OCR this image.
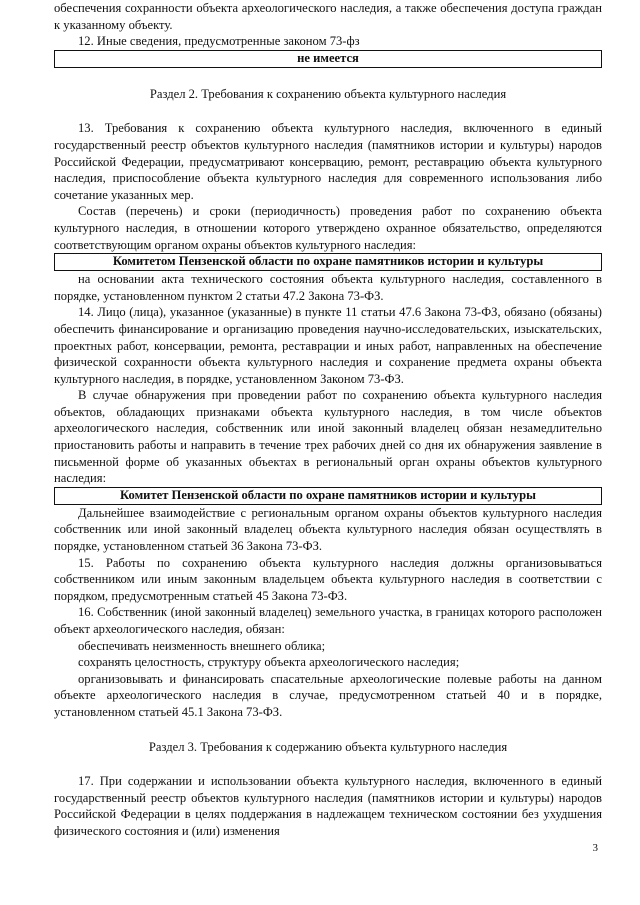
обеспечения сохранности объекта археологического наследия, а также обеспечения доступа граждан к указанному объекту.

12. Иные сведения, предусмотренные законом 73-фз

не имеется

Раздел 2. Требования к сохранению объекта культурного наследия

13. Требования к сохранению объекта культурного наследия, включенного в единый государственный реестр объектов культурного наследия (памятников истории и культуры) народов Российской Федерации, предусматривают консервацию, ремонт, реставрацию объекта культурного наследия, приспособление объекта культурного наследия для современного использования либо сочетание указанных мер.

Состав (перечень) и сроки (периодичность) проведения работ по сохранению объекта культурного наследия, в отношении которого утверждено охранное обязательство, определяются соответствующим органом охраны объектов культурного наследия:

Комитетом Пензенской области по охране памятников истории и культуры

на основании акта технического состояния объекта культурного наследия, составленного в порядке, установленном пунктом 2 статьи 47.2 Закона 73-ФЗ.

14. Лицо (лица), указанное (указанные) в пункте 11 статьи 47.6 Закона 73-ФЗ, обязано (обязаны) обеспечить финансирование и организацию проведения научно-исследовательских, изыскательских, проектных работ, консервации, ремонта, реставрации и иных работ, направленных на обеспечение физической сохранности объекта культурного наследия и сохранение предмета охраны объекта культурного наследия, в порядке, установленном Законом 73-ФЗ.

В случае обнаружения при проведении работ по сохранению объекта культурного наследия объектов, обладающих признаками объекта культурного наследия, в том числе объектов археологического наследия, собственник или иной законный владелец обязан незамедлительно приостановить работы и направить в течение трех рабочих дней со дня их обнаружения заявление в письменной форме об указанных объектах в региональный орган охраны объектов культурного наследия:

Комитет Пензенской области по охране памятников истории и культуры

Дальнейшее взаимодействие с региональным органом охраны объектов культурного наследия собственник или иной законный владелец объекта культурного наследия обязан осуществлять в порядке, установленном статьей 36 Закона 73-ФЗ.

15. Работы по сохранению объекта культурного наследия должны организовываться собственником или иным законным владельцем объекта культурного наследия в соответствии с порядком, предусмотренным статьей 45 Закона 73-ФЗ.

16. Собственник (иной законный владелец) земельного участка, в границах которого расположен объект археологического наследия, обязан:

обеспечивать неизменность внешнего облика;

сохранять целостность, структуру объекта археологического наследия;

организовывать и финансировать спасательные археологические полевые работы на данном объекте археологического наследия в случае, предусмотренном статьей 40 и в порядке, установленном статьей 45.1 Закона 73-ФЗ.

Раздел 3. Требования к содержанию объекта культурного наследия

17. При содержании и использовании объекта культурного наследия, включенного в единый государственный реестр объектов культурного наследия (памятников истории и культуры) народов Российской Федерации в целях поддержания в надлежащем техническом состоянии без ухудшения физического состояния и (или) изменения

3
